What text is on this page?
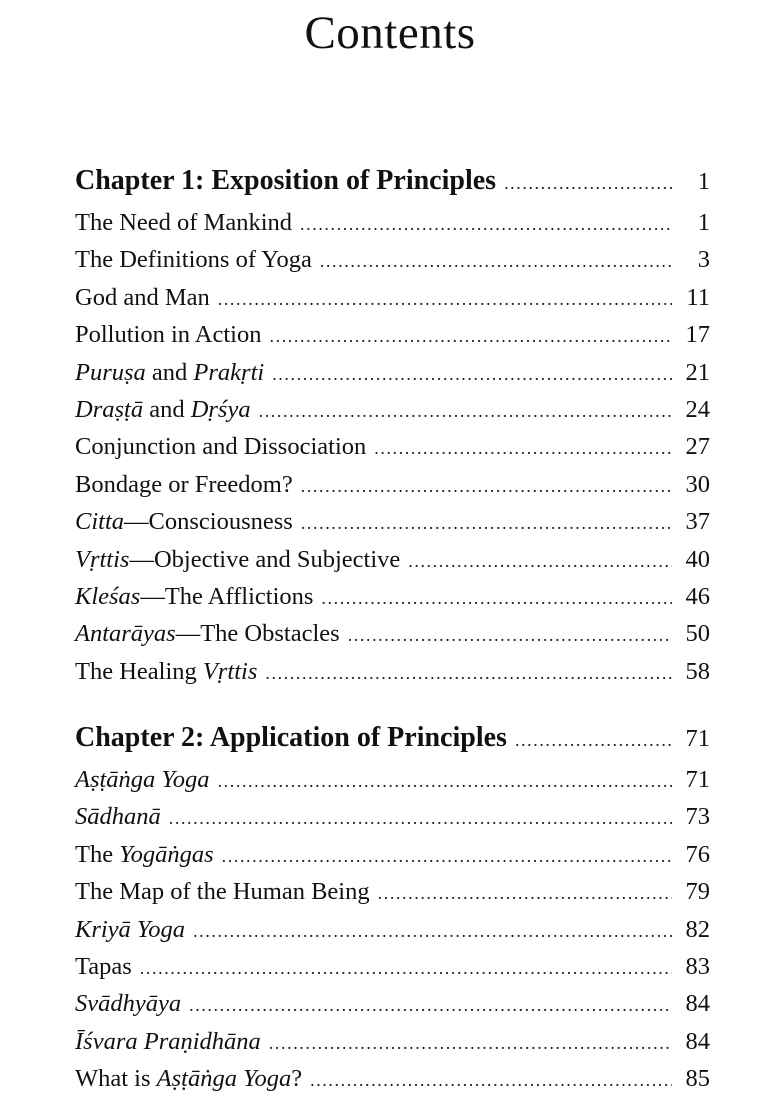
Contents
Chapter 1: Exposition of Principles .....	1
The Need of Mankind .....	1
The Definitions of Yoga .....	3
God and Man .....	11
Pollution in Action .....	17
Puruṣa and Prakṛti .....	21
Draṣṭā and Dṛśya .....	24
Conjunction and Dissociation .....	27
Bondage or Freedom? .....	30
Citta—Consciousness .....	37
Vṛttis—Objective and Subjective .....	40
Kleśas—The Afflictions .....	46
Antarāyas—The Obstacles .....	50
The Healing Vṛttis .....	58
Chapter 2: Application of Principles .....	71
Aṣṭāṅga Yoga .....	71
Sādhanā .....	73
The Yogāṅgas .....	76
The Map of the Human Being .....	79
Kriyā Yoga .....	82
Tapas .....	83
Svādhyāya .....	84
Īśvara Praṇidhāna .....	84
What is Aṣṭāṅga Yoga? .....	85
